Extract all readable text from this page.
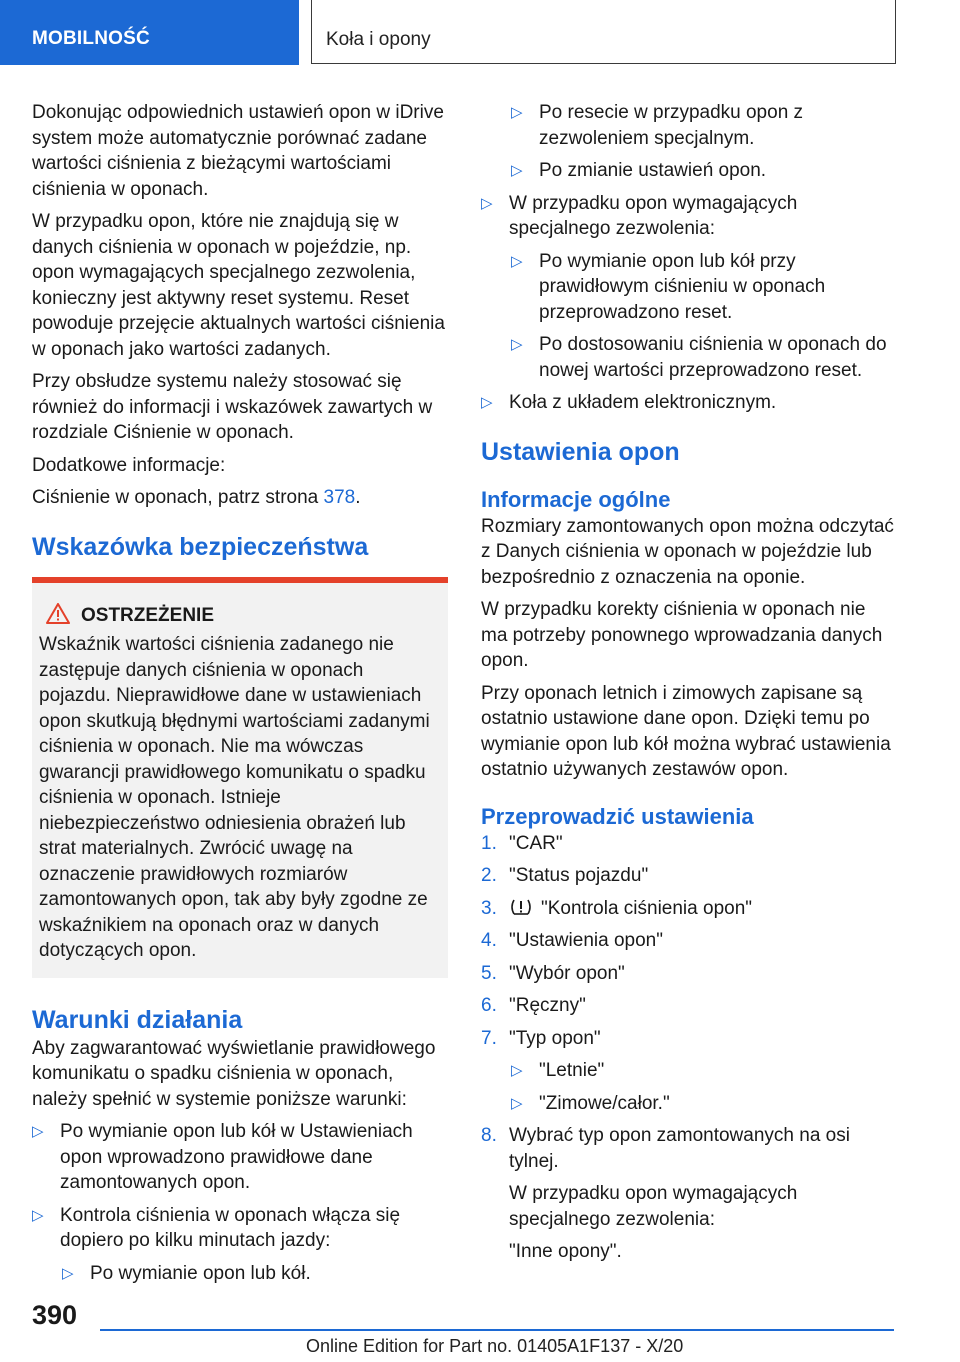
MOBILNOŚĆ	Koła i opony

Dokonując odpowiednich ustawień opon w iDrive system może automatycznie porównać zadane wartości ciśnienia z bieżącymi wartościami ciśnienia w oponach.

W przypadku opon, które nie znajdują się w danych ciśnienia w oponach w pojeździe, np. opon wymagających specjalnego zezwolenia, konieczny jest aktywny reset systemu. Reset powoduje przejęcie aktualnych wartości ciśnienia w oponach jako wartości zadanych.

Przy obsłudze systemu należy stosować się również do informacji i wskazówek zawartych w rozdziale Ciśnienie w oponach.

Dodatkowe informacje:

Ciśnienie w oponach, patrz strona 378.

Wskazówka bezpieczeństwa
OSTRZEŻENIE
Wskaźnik wartości ciśnienia zadanego nie zastępuje danych ciśnienia w oponach pojazdu. Nieprawidłowe dane w ustawieniach opon skutkują błędnymi wartościami zadanymi ciśnienia w oponach. Nie ma wówczas gwarancji prawidłowego komunikatu o spadku ciśnienia w oponach. Istnieje niebezpieczeństwo odniesienia obrażeń lub strat materialnych. Zwrócić uwagę na oznaczenie prawidłowych rozmiarów zamontowanych opon, tak aby były zgodne ze wskaźnikiem na oponach oraz w danych dotyczących opon.
Warunki działania

Aby zagwarantować wyświetlanie prawidłowego komunikatu o spadku ciśnienia w oponach, należy spełnić w systemie poniższe warunki:

▷ Po wymianie opon lub kół w Ustawieniach opon wprowadzono prawidłowe dane zamontowanych opon.
▷ Kontrola ciśnienia w oponach włącza się dopiero po kilku minutach jazdy:
▷ Po wymianie opon lub kół.
▷ Po resecie w przypadku opon z zezwoleniem specjalnym.
▷ Po zmianie ustawień opon.
▷ W przypadku opon wymagających specjalnego zezwolenia:
▷ Po wymianie opon lub kół przy prawidłowym ciśnieniu w oponach przeprowadzono reset.
▷ Po dostosowaniu ciśnienia w oponach do nowej wartości przeprowadzono reset.
▷ Koła z układem elektronicznym.
Ustawienia opon
Informacje ogólne

Rozmiary zamontowanych opon można odczytać z Danych ciśnienia w oponach w pojeździe lub bezpośrednio z oznaczenia na oponie.

W przypadku korekty ciśnienia w oponach nie ma potrzeby ponownego wprowadzania danych opon.

Przy oponach letnich i zimowych zapisane są ostatnio ustawione dane opon. Dzięki temu po wymianie opon lub kół można wybrać ustawienia ostatnio używanych zestawów opon.

Przeprowadzić ustawienia
1. "CAR"
2. "Status pojazdu"
3. "Kontrola ciśnienia opon"
4. "Ustawienia opon"
5. "Wybór opon"
6. "Ręczny"
7. "Typ opon"
▷ "Letnie"
▷ "Zimowe/całor."
8. Wybrać typ opon zamontowanych na osi tylnej.
W przypadku opon wymagających specjalnego zezwolenia:
"Inne opony".
390
Online Edition for Part no. 01405A1F137 - X/20
